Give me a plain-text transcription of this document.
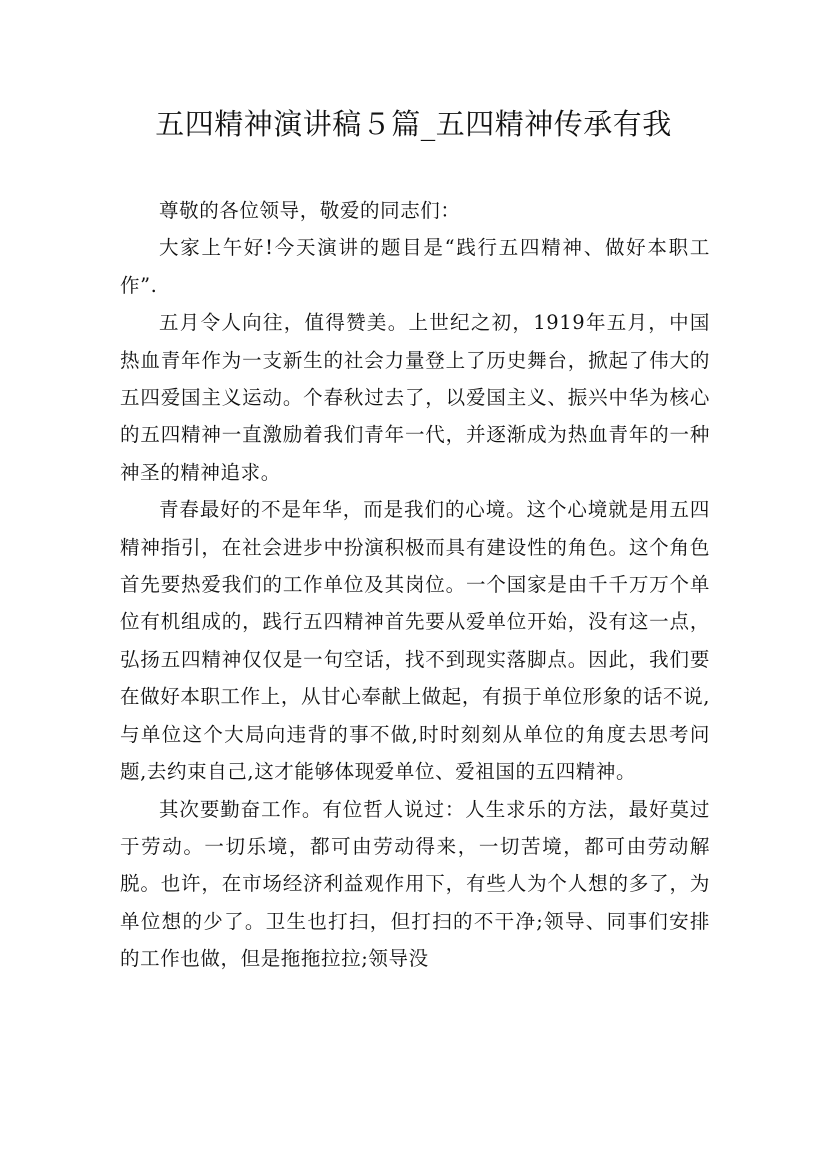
五四精神演讲稿５篇_五四精神传承有我

尊敬的各位领导，敬爱的同志们：

大家上午好!今天演讲的题目是“践行五四精神、做好本职工作”.

五月令人向往，值得赞美。上世纪之初，1919年五月，中国热血青年作为一支新生的社会力量登上了历史舞台，掀起了伟大的五四爱国主义运动。个春秋过去了，以爱国主义、振兴中华为核心的五四精神一直激励着我们青年一代，并逐渐成为热血青年的一种神圣的精神追求。

青春最好的不是年华，而是我们的心境。这个心境就是用五四精神指引，在社会进步中扮演积极而具有建设性的角色。这个角色首先要热爱我们的工作单位及其岗位。一个国家是由千千万万个单位有机组成的，践行五四精神首先要从爱单位开始，没有这一点，弘扬五四精神仅仅是一句空话，找不到现实落脚点。因此，我们要在做好本职工作上，从甘心奉献上做起，有损于单位形象的话不说,与单位这个大局向违背的事不做,时时刻刻从单位的角度去思考问题,去约束自己,这才能够体现爱单位、爱祖国的五四精神。

其次要勤奋工作。有位哲人说过：人生求乐的方法，最好莫过于劳动。一切乐境，都可由劳动得来，一切苦境，都可由劳动解脱。也许，在市场经济利益观作用下，有些人为个人想的多了，为单位想的少了。卫生也打扫，但打扫的不干净;领导、同事们安排的工作也做，但是拖拖拉拉;领导没
